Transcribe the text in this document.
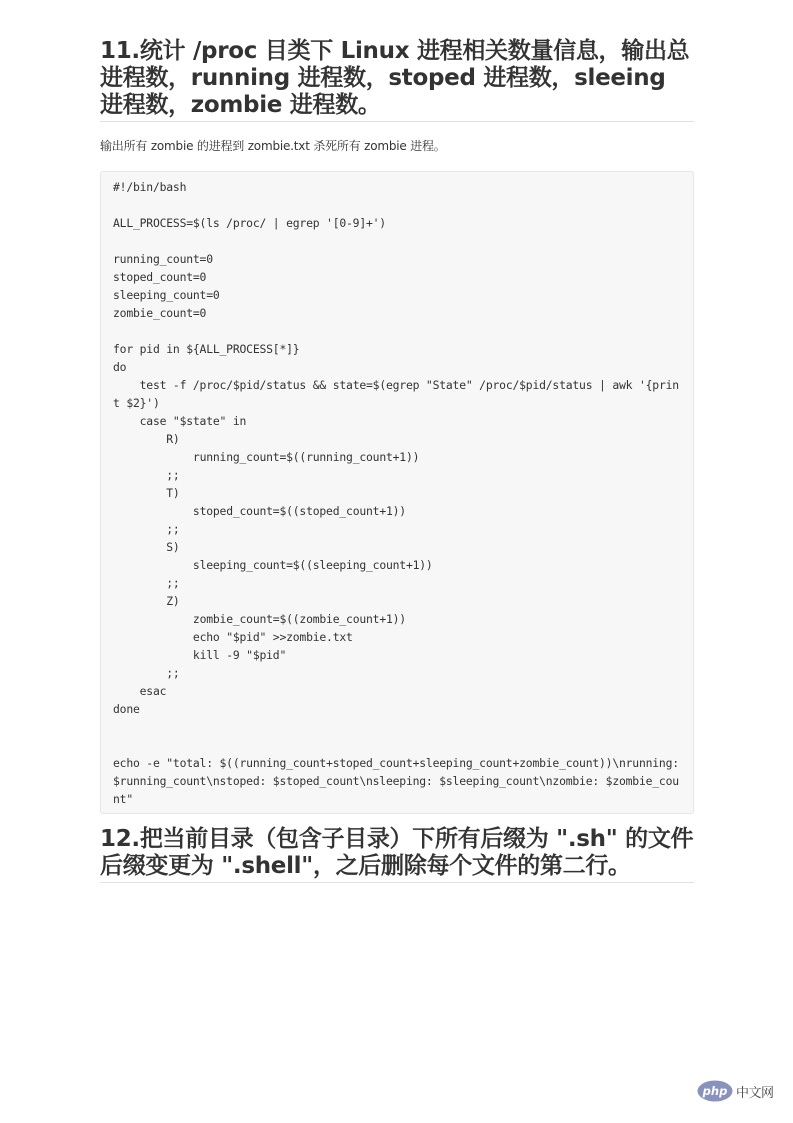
11.统计 /proc 目类下 Linux 进程相关数量信息，输出总进程数，running 进程数，stoped 进程数，sleeing 进程数，zombie 进程数。

输出所有 zombie 的进程到 zombie.txt 杀死所有 zombie 进程。

#!/bin/bash

ALL_PROCESS=$(ls /proc/ | egrep '[0-9]+')

running_count=0
stoped_count=0
sleeping_count=0
zombie_count=0

for pid in ${ALL_PROCESS[*]}
do
test -f /proc/$pid/status && state=$(egrep "State" /proc/$pid/status | awk '{print $2}')
case "$state" in
R)
running_count=$((running_count+1))
;;
T)
stoped_count=$((stoped_count+1))
;;
S)
sleeping_count=$((sleeping_count+1))
;;
Z)
zombie_count=$((zombie_count+1))
echo "$pid" >>zombie.txt
kill -9 "$pid"
;;
esac
done

echo -e "total: $((running_count+stoped_count+sleeping_count+zombie_count))\nrunning: $running_count\nstoped: $stoped_count\nsleeping: $sleeping_count\nzombie: $zombie_count"
12.把当前目录（包含子目录）下所有后缀为 ".sh" 的文件后缀变更为 ".shell"，之后删除每个文件的第二行。
php 中文网
